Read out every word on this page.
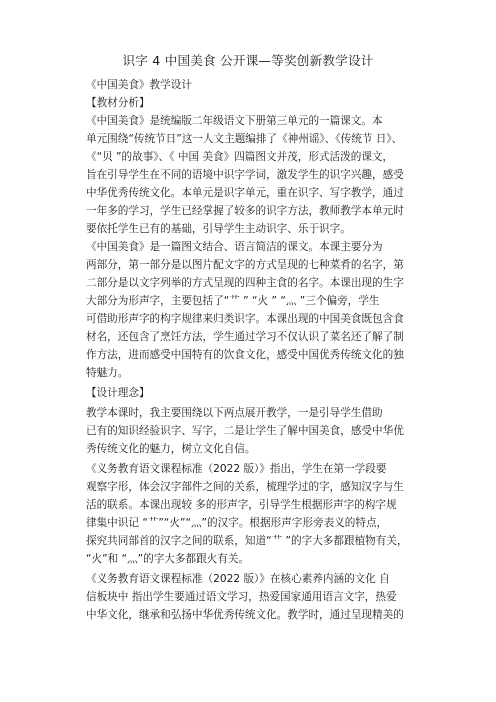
识字 4 中国美食 公开课—等奖创新教学设计
《中国美食》教学设计
【教材分析】
《中国美食》是统编版二年级语文下册第三单元的一篇课文。本
单元围绕“传统节日”这一人文主题编排了《神州谣》、《传统节 日》、
《“贝 ”的故事》、《 中国 美食》四篇图文并茂，形式活泼的课文，
旨在引导学生在不同的语境中识字学词，激发学生的识字兴趣，感受
中华优秀传统文化。本单元是识字单元，重在识字、写字教学，通过
一年多的学习，学生已经掌握了较多的识字方法，教师教学本单元时
要依托学生已有的基础，引导学生主动识字、乐于识字。
《中国美食》是一篇图文结合、语言简洁的课文。本课主要分为
两部分，第一部分是以图片配文字的方式呈现的七种菜肴的名字，第
二部分是以文字列举的方式呈现的四种主食的名字。本课出现的生字
大部分为形声字，主要包括了“艹 ” “火 ” “灬 ”三个偏旁，学生
可借助形声字的构字规律来归类识字。本课出现的中国美食既包含食
材名，还包含了烹饪方法，学生通过学习不仅认识了菜名还了解了制
作方法，进而感受中国特有的饮食文化，感受中国优秀传统文化的独
特魅力。
【设计理念】
教学本课时，我主要围绕以下两点展开教学，一是引导学生借助
已有的知识经验识字、写字，二是让学生了解中国美食，感受中华优
秀传统文化的魅力，树立文化自信。
《义务教育语文课程标准（2022 版）》指出，学生在第一学段要
观察字形，体会汉字部件之间的关系，梳理学过的字，感知汉字与生
活的联系。本课出现较 多的形声字，引导学生根据形声字的构字规
律集中识记 “艹”“火”“灬”的汉字。根据形声字形旁表义的特点，
探究共同部首的汉字之间的联系，知道“艹 ”的字大多都跟植物有关，
“火”和 “灬”的字大多都跟火有关。
《义务教育语文课程标准（2022 版）》在核心素养内涵的文化 自
信板块中 指出学生要通过语文学习，热爱国家通用语言文字，热爱
中华文化，继承和弘扬中华优秀传统文化。教学时，通过呈现精美的
